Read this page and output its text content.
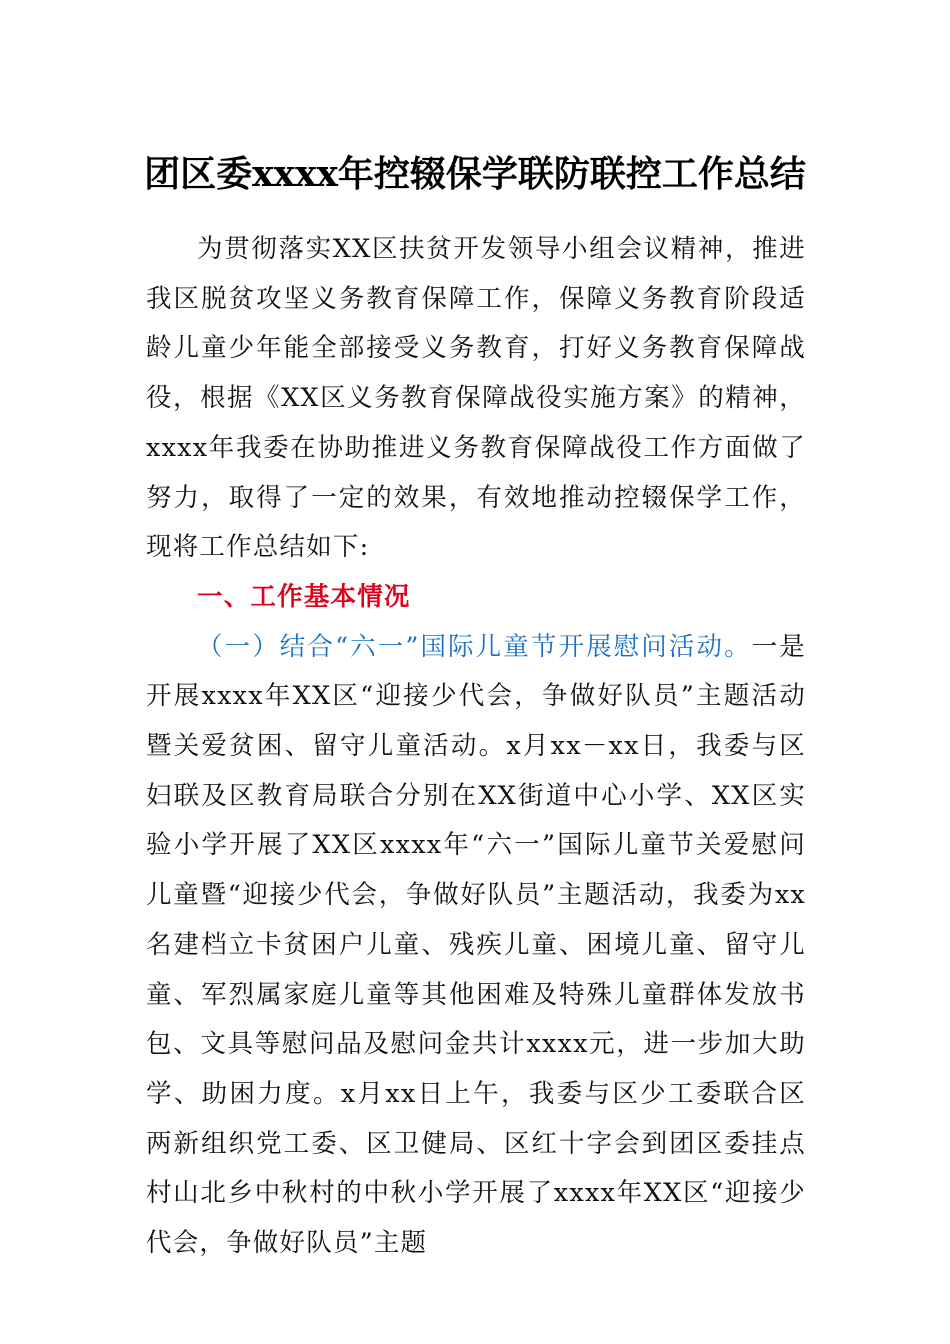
团区委xxxx年控辍保学联防联控工作总结

为贯彻落实XX区扶贫开发领导小组会议精神，推进我区脱贫攻坚义务教育保障工作，保障义务教育阶段适龄儿童少年能全部接受义务教育，打好义务教育保障战役，根据《XX区义务教育保障战役实施方案》的精神，xxxx年我委在协助推进义务教育保障战役工作方面做了努力，取得了一定的效果，有效地推动控辍保学工作，现将工作总结如下:

一、工作基本情况

（一）结合“六一”国际儿童节开展慰问活动。一是开展xxxx年XX区“迎接少代会，争做好队员”主题活动暨关爱贫困、留守儿童活动。x月xx－xx日，我委与区妇联及区教育局联合分别在XX街道中心小学、XX区实验小学开展了XX区xxxx年“六一”国际儿童节关爱慰问儿童暨“迎接少代会，争做好队员”主题活动，我委为xx名建档立卡贫困户儿童、残疾儿童、困境儿童、留守儿童、军烈属家庭儿童等其他困难及特殊儿童群体发放书包、文具等慰问品及慰问金共计xxxx元，进一步加大助学、助困力度。x月xx日上午，我委与区少工委联合区两新组织党工委、区卫健局、区红十字会到团区委挂点村山北乡中秋村的中秋小学开展了xxxx年XX区“迎接少代会，争做好队员”主题
